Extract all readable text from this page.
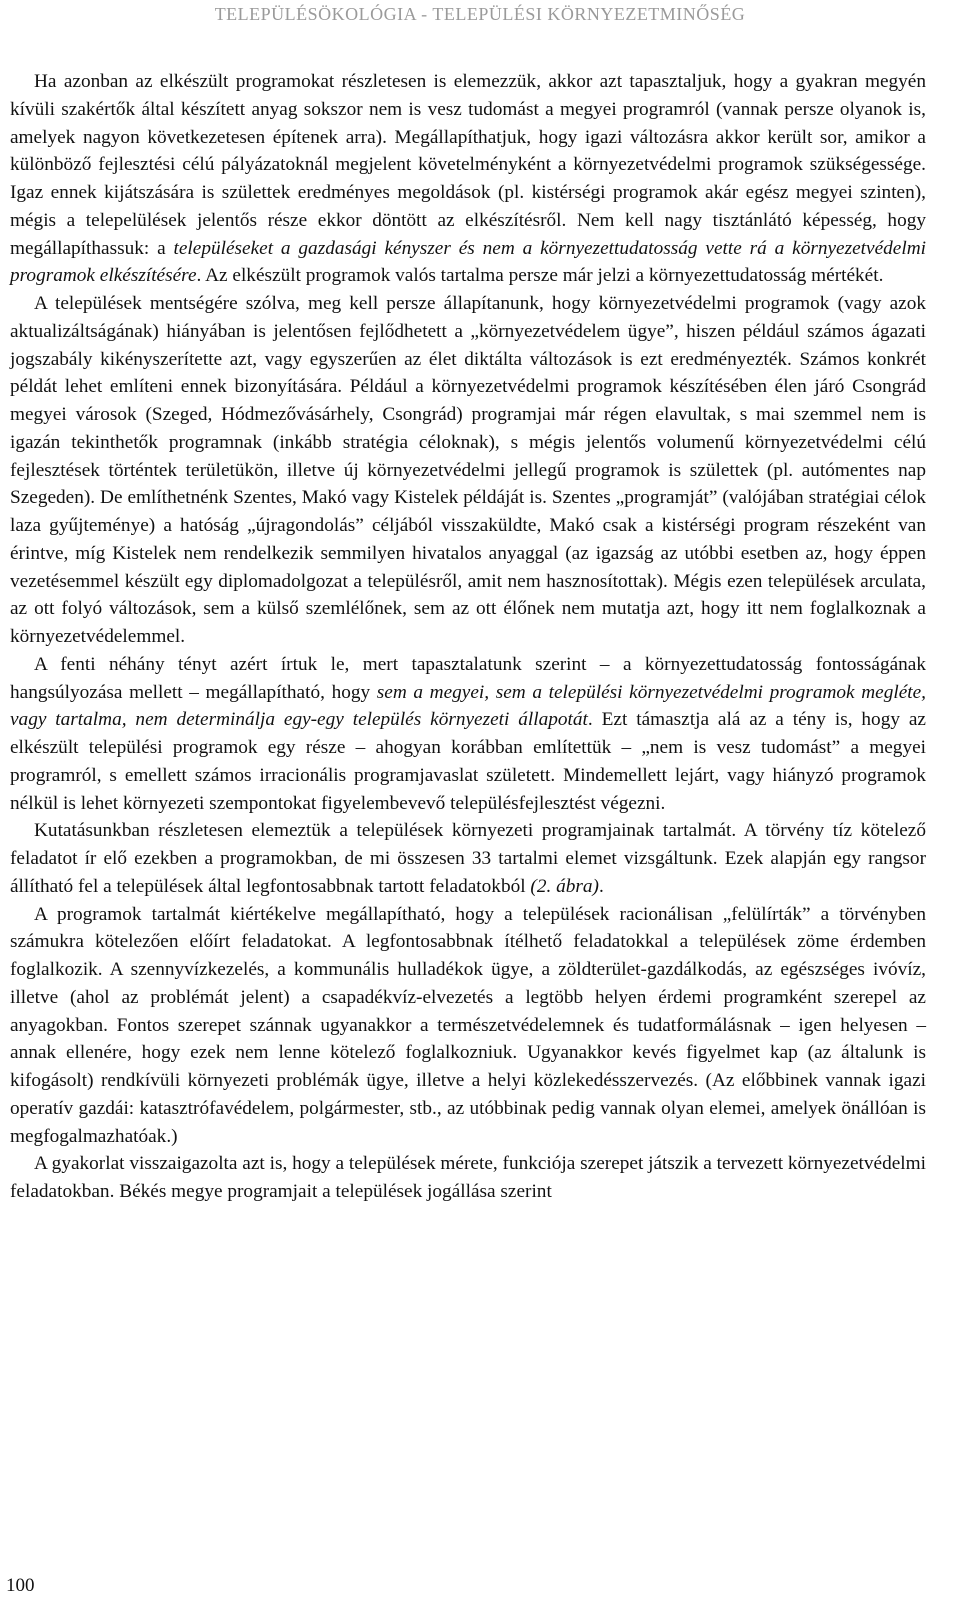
TELEPÜLÉSÖKOLÓGIA - TELEPÜLÉSI KÖRNYEZETMINŐSÉG

Ha azonban az elkészült programokat részletesen is elemezzük, akkor azt tapasztaljuk, hogy a gyakran megyén kívüli szakértők által készített anyag sokszor nem is vesz tudomást a megyei programról (vannak persze olyanok is, amelyek nagyon következetesen építenek arra). Megállapíthatjuk, hogy igazi változásra akkor került sor, amikor a különböző fejlesztési célú pályázatoknál megjelent követelményként a környezetvédelmi programok szükségessége. Igaz ennek kijátszására is születtek eredményes megoldások (pl. kistérségi programok akár egész megyei szinten), mégis a telepelülések jelentős része ekkor döntött az elkészítésről. Nem kell nagy tisztánlátó képesség, hogy megállapíthassuk: a településeket a gazdasági kényszer és nem a környezettudatosság vette rá a környezetvédelmi programok elkészítésére. Az elkészült programok valós tartalma persze már jelzi a környezettudatosság mértékét.

A települések mentségére szólva, meg kell persze állapítanunk, hogy környezetvédelmi programok (vagy azok aktualizáltságának) hiányában is jelentősen fejlődhetett a „környezetvédelem ügye”, hiszen például számos ágazati jogszabály kikényszerítette azt, vagy egyszerűen az élet diktálta változások is ezt eredményezték. Számos konkrét példát lehet említeni ennek bizonyítására. Például a környezetvédelmi programok készítésében élen járó Csongrád megyei városok (Szeged, Hódmezővásárhely, Csongrád) programjai már régen elavultak, s mai szemmel nem is igazán tekinthetők programnak (inkább stratégia céloknak), s mégis jelentős volumenű környezetvédelmi célú fejlesztések történtek területükön, illetve új környezetvédelmi jellegű programok is születtek (pl. autómentes nap Szegeden). De említhetnénk Szentes, Makó vagy Kistelek példáját is. Szentes „programját” (valójában stratégiai célok laza gyűjteménye) a hatóság „újragondolás” céljából visszaküldte, Makó csak a kistérségi program részeként van érintve, míg Kistelek nem rendelkezik semmilyen hivatalos anyaggal (az igazság az utóbbi esetben az, hogy éppen vezetésemmel készült egy diplomadolgozat a településről, amit nem hasznosítottak). Mégis ezen települések arculata, az ott folyó változások, sem a külső szemlélőnek, sem az ott élőnek nem mutatja azt, hogy itt nem foglalkoznak a környezetvédelemmel.

A fenti néhány tényt azért írtuk le, mert tapasztalatunk szerint – a környezettudatosság fontosságának hangsúlyozása mellett – megállapítható, hogy sem a megyei, sem a települési környezetvédelmi programok megléte, vagy tartalma, nem determinálja egy-egy település környezeti állapotát. Ezt támasztja alá az a tény is, hogy az elkészült települési programok egy része – ahogyan korábban említettük – „nem is vesz tudomást” a megyei programról, s emellett számos irracionális programjavaslat született. Mindemellett lejárt, vagy hiányzó programok nélkül is lehet környezeti szempontokat figyelembevevő településfejlesztést végezni.

Kutatásunkban részletesen elemeztük a települések környezeti programjainak tartalmát. A törvény tíz kötelező feladatot ír elő ezekben a programokban, de mi összesen 33 tartalmi elemet vizsgáltunk. Ezek alapján egy rangsor állítható fel a települések által legfontosabbnak tartott feladatokból (2. ábra).

A programok tartalmát kiértékelve megállapítható, hogy a települések racionálisan „felülírták” a törvényben számukra kötelezően előírt feladatokat. A legfontosabbnak ítélhető feladatokkal a települések zöme érdemben foglalkozik. A szennyvízkezelés, a kommunális hulladékok ügye, a zöldterület-gazdálkodás, az egészséges ivóvíz, illetve (ahol az problémát jelent) a csapadékvíz-elvezetés a legtöbb helyen érdemi programként szerepel az anyagokban. Fontos szerepet szánnak ugyanakkor a természetvédelemnek és tudatformálásnak – igen helyesen – annak ellenére, hogy ezek nem lenne kötelező foglalkozniuk. Ugyanakkor kevés figyelmet kap (az általunk is kifogásolt) rendkívüli környezeti problémák ügye, illetve a helyi közlekedésszervezés. (Az előbbinek vannak igazi operatív gazdái: katasztrófavédelem, polgármester, stb., az utóbbinak pedig vannak olyan elemei, amelyek önállóan is megfogalmazhatóak.)

A gyakorlat visszaigazolta azt is, hogy a települések mérete, funkciója szerepet játszik a tervezett környezetvédelmi feladatokban. Békés megye programjait a települések jogállása szerint

100
